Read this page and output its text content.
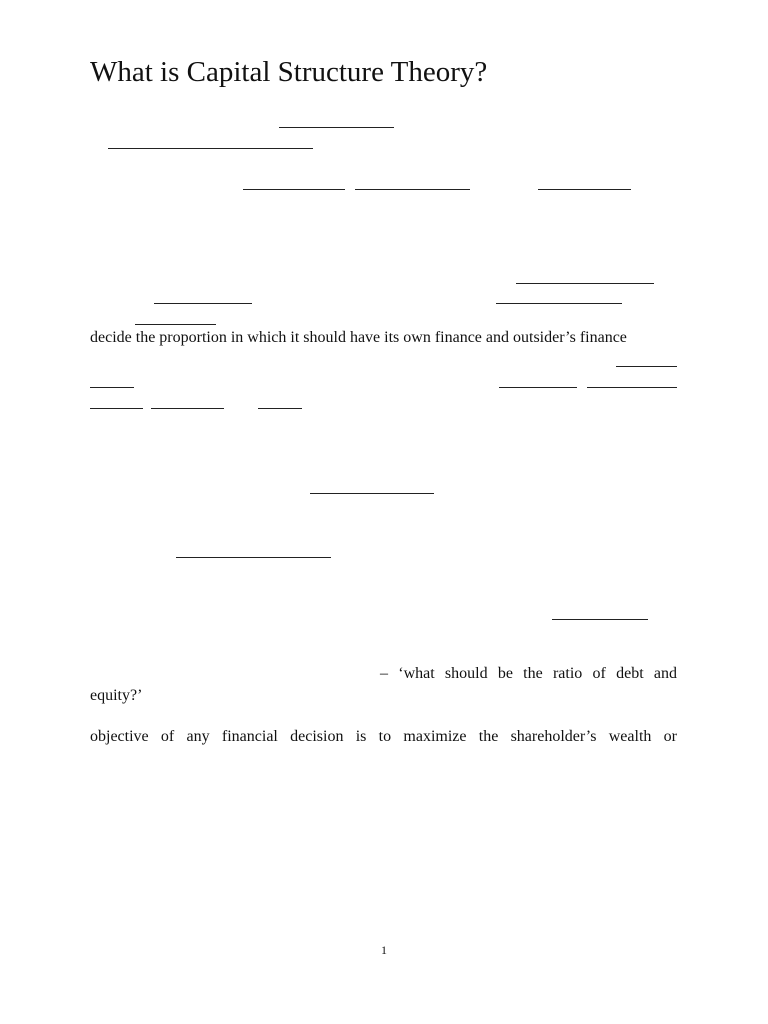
What is Capital Structure Theory?
decide the proportion in which it should have its own finance and outsider’s finance
– ‘what should be the ratio of debt and
equity?’
objective of any financial decision is to maximize the shareholder’s wealth or
1
